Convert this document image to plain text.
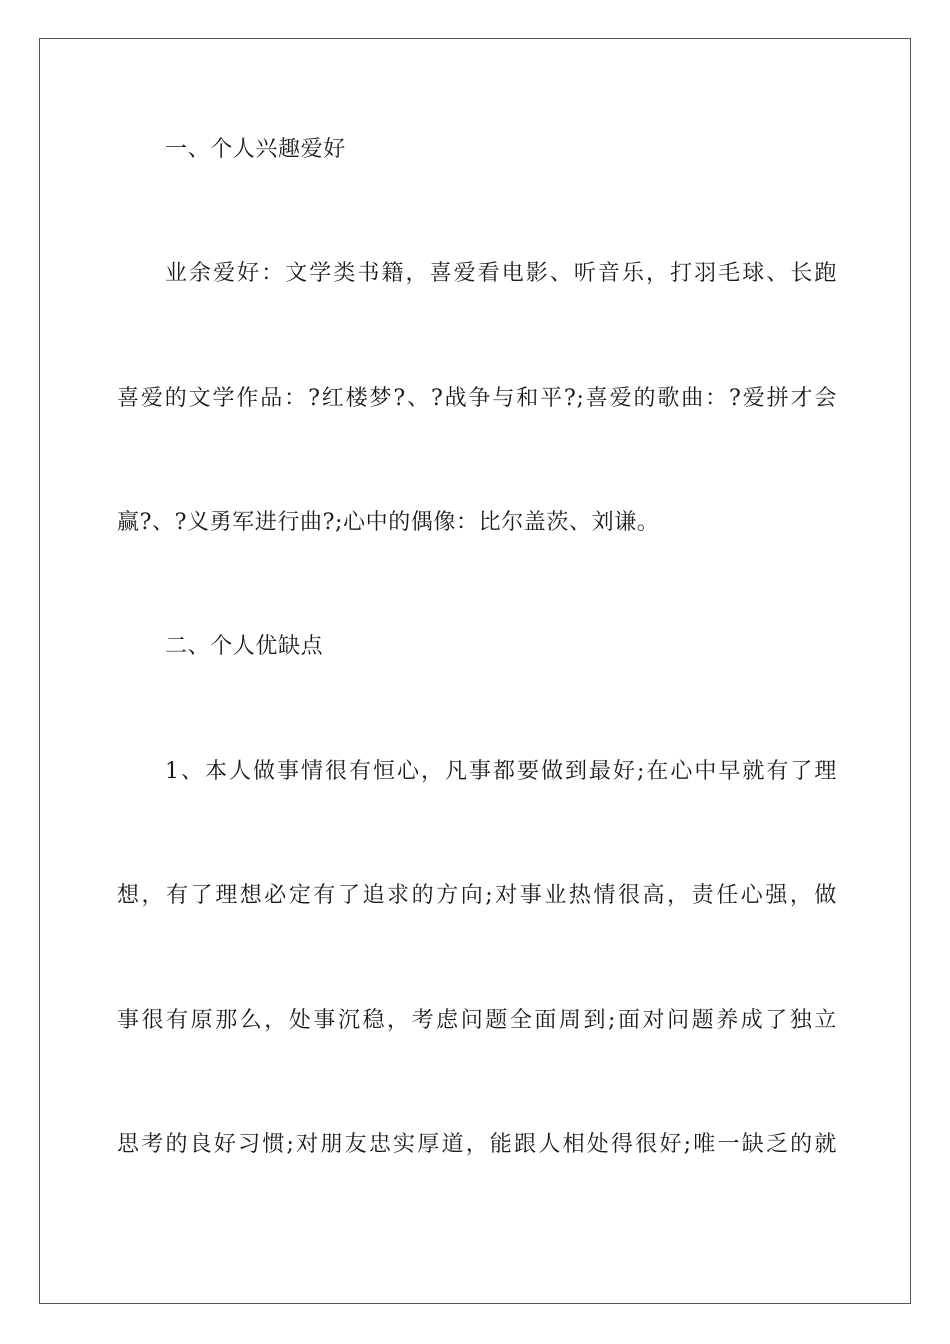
一、个人兴趣爱好
业余爱好：文学类书籍，喜爱看电影、听音乐，打羽毛球、长跑
喜爱的文学作品：?红楼梦?、?战争与和平?;喜爱的歌曲：?爱拼才会
赢?、?义勇军进行曲?;心中的偶像：比尔盖茨、刘谦。
二、个人优缺点
1、本人做事情很有恒心，凡事都要做到最好;在心中早就有了理
想，有了理想必定有了追求的方向;对事业热情很高，责任心强，做
事很有原那么，处事沉稳，考虑问题全面周到;面对问题养成了独立
思考的良好习惯;对朋友忠实厚道，能跟人相处得很好;唯一缺乏的就
